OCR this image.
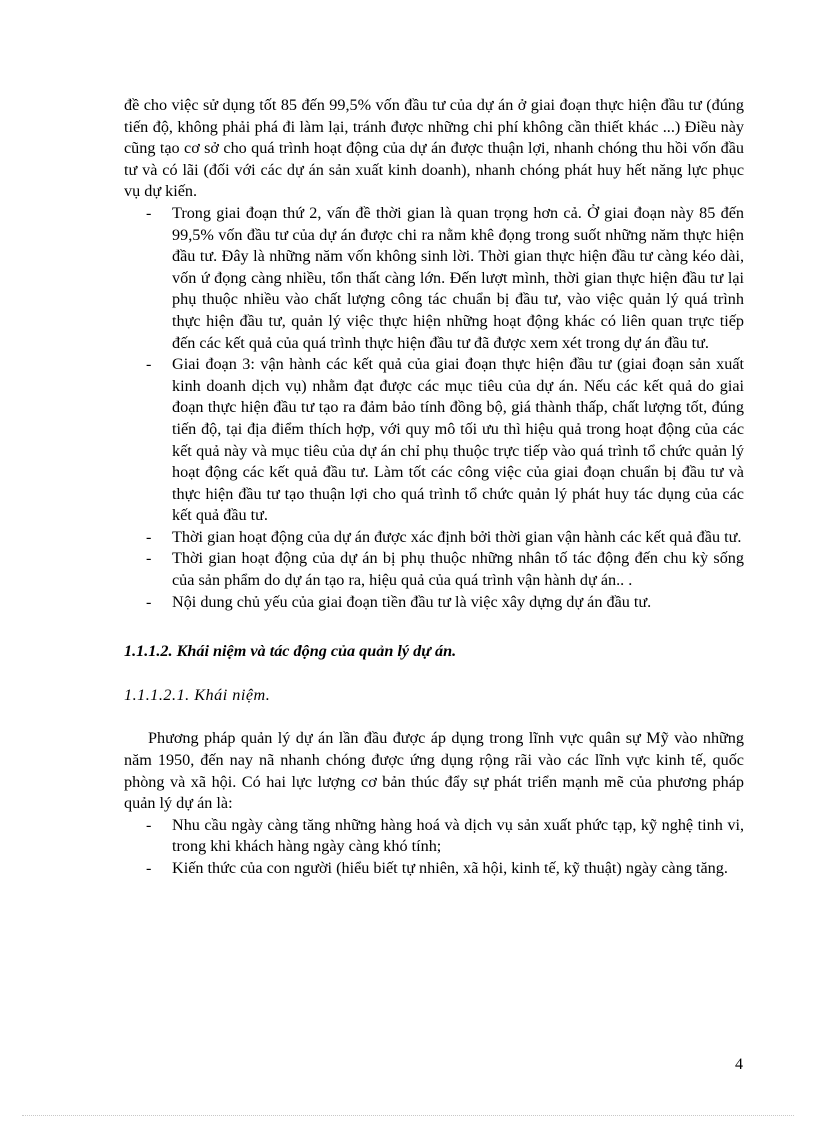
đề cho việc sử dụng tốt 85 đến 99,5% vốn đầu tư của dự án ở giai đoạn thực hiện đầu tư (đúng tiến độ, không phải phá đi làm lại, tránh được những chi phí không cần thiết khác ...) Điều này cũng tạo cơ sở cho quá trình hoạt động của dự án được thuận lợi, nhanh chóng thu hồi vốn đầu tư và có lãi (đối với các dự án sản xuất kinh doanh), nhanh chóng phát huy hết năng lực phục vụ dự kiến.

- Trong giai đoạn thứ 2, vấn đề thời gian là quan trọng hơn cả. Ở giai đoạn này 85 đến 99,5% vốn đầu tư của dự án được chi ra nằm khê đọng trong suốt những năm thực hiện đầu tư. Đây là những năm vốn không sinh lời. Thời gian thực hiện đầu tư càng kéo dài, vốn ứ đọng càng nhiều, tổn thất càng lớn. Đến lượt mình, thời gian thực hiện đầu tư lại phụ thuộc nhiều vào chất lượng công tác chuẩn bị đầu tư, vào việc quản lý quá trình thực hiện đầu tư, quản lý việc thực hiện những hoạt động khác có liên quan trực tiếp đến các kết quả của quá trình thực hiện đầu tư đã được xem xét trong dự án đầu tư.
- Giai đoạn 3: vận hành các kết quả của giai đoạn thực hiện đầu tư (giai đoạn sản xuất kinh doanh dịch vụ) nhằm đạt được các mục tiêu của dự án. Nếu các kết quả do giai đoạn thực hiện đầu tư tạo ra đảm bảo tính đồng bộ, giá thành thấp, chất lượng tốt, đúng tiến độ, tại địa điểm thích hợp, với quy mô tối ưu thì hiệu quả trong hoạt động của các kết quả này và mục tiêu của dự án chỉ phụ thuộc trực tiếp vào quá trình tổ chức quản lý hoạt động các kết quả đầu tư. Làm tốt các công việc của giai đoạn chuẩn bị đầu tư và thực hiện đầu tư tạo thuận lợi cho quá trình tổ chức quản lý phát huy tác dụng của các kết quả đầu tư.
- Thời gian hoạt động của dự án được xác định bởi thời gian vận hành các kết quả đầu tư.
- Thời gian hoạt động của dự án bị phụ thuộc những nhân tố tác động đến chu kỳ sống của sản phẩm do dự án tạo ra, hiệu quả của quá trình vận hành dự án.. .
- Nội dung chủ yếu của giai đoạn tiền đầu tư là việc xây dựng dự án đầu tư.

1.1.1.2. Khái niệm và tác động của quản lý dự án.

1.1.1.2.1. Khái niệm.

Phương pháp quản lý dự án lần đầu được áp dụng trong lĩnh vực quân sự Mỹ vào những năm 1950, đến nay nã nhanh chóng được ứng dụng rộng rãi vào các lĩnh vực kinh tế, quốc phòng và xã hội. Có hai lực lượng cơ bản thúc đẩy sự phát triển mạnh mẽ của phương pháp quản lý dự án là:

- Nhu cầu ngày càng tăng những hàng hoá và dịch vụ sản xuất phức tạp, kỹ nghệ tinh vi, trong khi khách hàng ngày càng khó tính;
- Kiến thức của con người (hiểu biết tự nhiên, xã hội, kinh tế, kỹ thuật) ngày càng tăng.
4
